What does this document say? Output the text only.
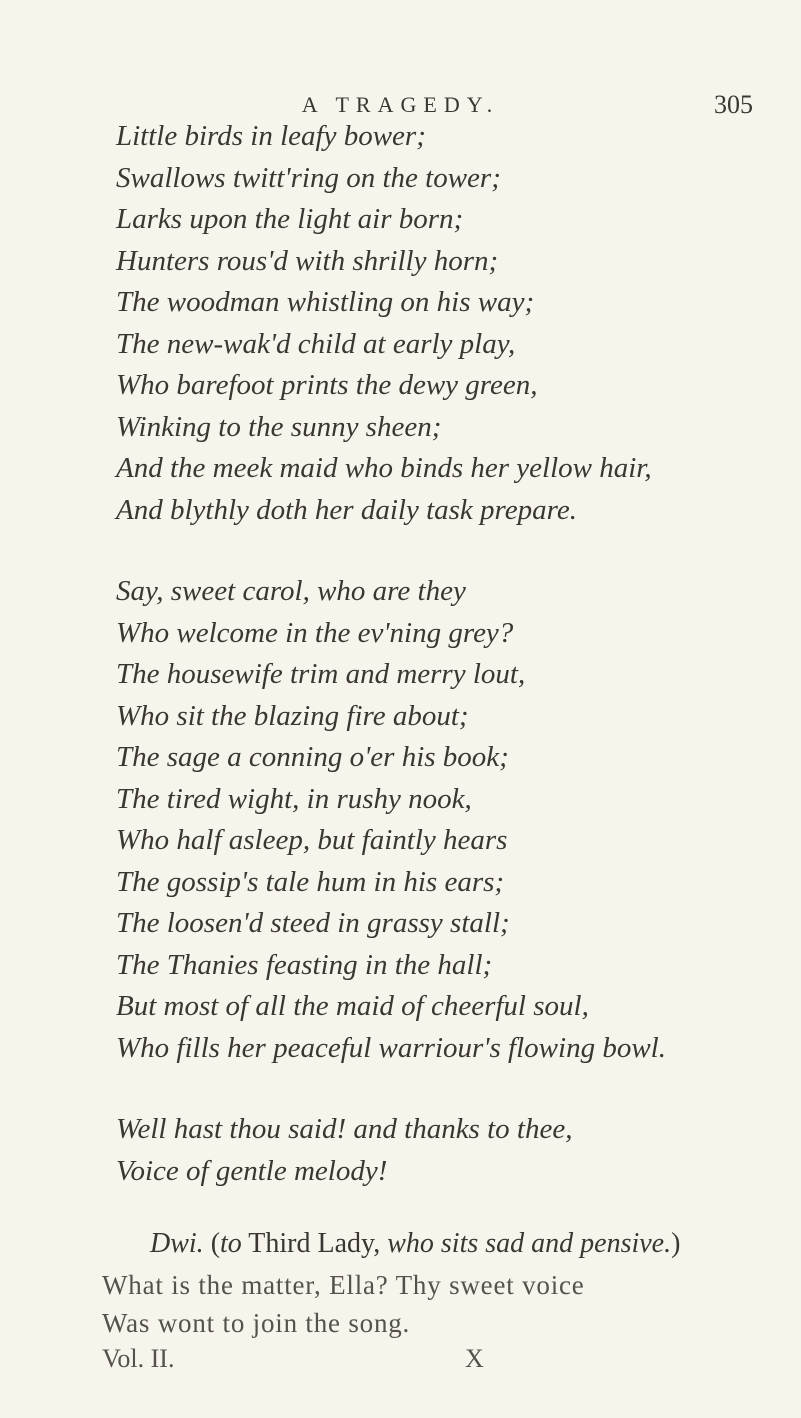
A TRAGEDY.	305
Little birds in leafy bower;
Swallows twitt'ring on the tower;
Larks upon the light air born;
Hunters rous'd with shrilly horn;
The woodman whistling on his way;
The new-wak'd child at early play,
Who barefoot prints the dewy green,
Winking to the sunny sheen;
And the meek maid who binds her yellow hair,
And blythly doth her daily task prepare.
Say, sweet carol, who are they
Who welcome in the ev'ning grey?
The housewife trim and merry lout,
Who sit the blazing fire about;
The sage a conning o'er his book;
The tired wight, in rushy nook,
Who half asleep, but faintly hears
The gossip's tale hum in his ears;
The loosen'd steed in grassy stall;
The Thanies feasting in the hall;
But most of all the maid of cheerful soul,
Who fills her peaceful warriour's flowing bowl.
Well hast thou said! and thanks to thee,
Voice of gentle melody!
Dwi. (to Third Lady, who sits sad and pensive.)
What is the matter, Ella? Thy sweet voice
Was wont to join the song.
Vol. II.	X
